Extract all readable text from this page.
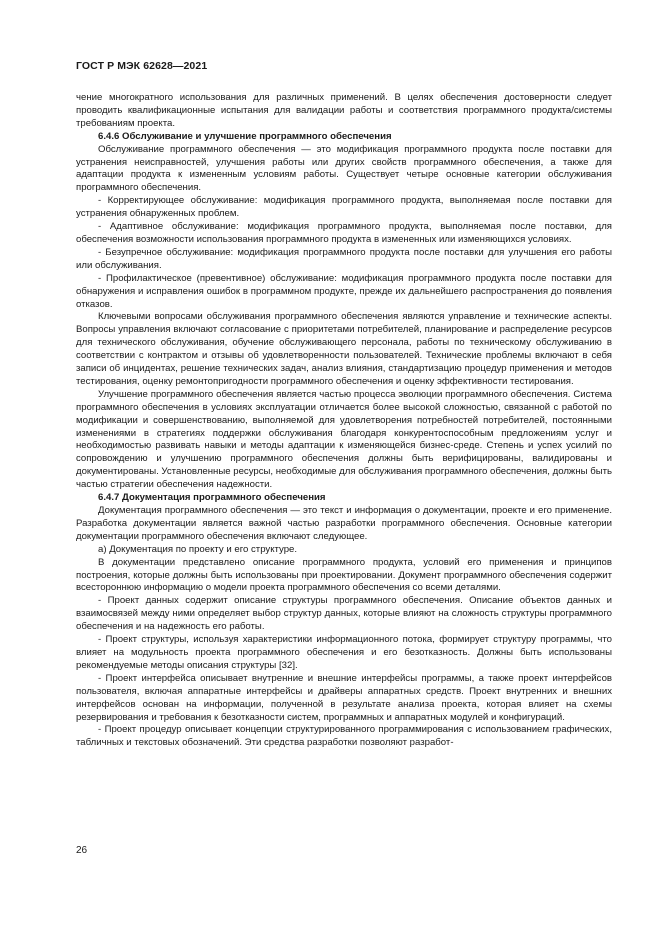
ГОСТ Р МЭК 62628—2021

чение многократного использования для различных применений. В целях обеспечения достоверности следует проводить квалификационные испытания для валидации работы и соответствия программного продукта/системы требованиям проекта.

6.4.6 Обслуживание и улучшение программного обеспечения

Обслуживание программного обеспечения — это модификация программного продукта после поставки для устранения неисправностей, улучшения работы или других свойств программного обеспечения, а также для адаптации продукта к измененным условиям работы. Существует четыре основные категории обслуживания программного обеспечения.

- Корректирующее обслуживание: модификация программного продукта, выполняемая после поставки для устранения обнаруженных проблем.

- Адаптивное обслуживание: модификация программного продукта, выполняемая после поставки, для обеспечения возможности использования программного продукта в измененных или изменяющихся условиях.

- Безупречное обслуживание: модификация программного продукта после поставки для улучшения его работы или обслуживания.

- Профилактическое (превентивное) обслуживание: модификация программного продукта после поставки для обнаружения и исправления ошибок в программном продукте, прежде их дальнейшего распространения до появления отказов.

Ключевыми вопросами обслуживания программного обеспечения являются управление и технические аспекты. Вопросы управления включают согласование с приоритетами потребителей, планирование и распределение ресурсов для технического обслуживания, обучение обслуживающего персонала, работы по техническому обслуживанию в соответствии с контрактом и отзывы об удовлетворенности пользователей. Технические проблемы включают в себя записи об инцидентах, решение технических задач, анализ влияния, стандартизацию процедур применения и методов тестирования, оценку ремонтопригодности программного обеспечения и оценку эффективности тестирования.

Улучшение программного обеспечения является частью процесса эволюции программного обеспечения. Система программного обеспечения в условиях эксплуатации отличается более высокой сложностью, связанной с работой по модификации и совершенствованию, выполняемой для удовлетворения потребностей потребителей, постоянными изменениями в стратегиях поддержки обслуживания благодаря конкурентоспособным предложениям услуг и необходимостью развивать навыки и методы адаптации к изменяющейся бизнес-среде. Степень и успех усилий по сопровождению и улучшению программного обеспечения должны быть верифицированы, валидированы и документированы. Установленные ресурсы, необходимые для обслуживания программного обеспечения, должны быть частью стратегии обеспечения надежности.

6.4.7 Документация программного обеспечения

Документация программного обеспечения — это текст и информация о документации, проекте и его применение. Разработка документации является важной частью разработки программного обеспечения. Основные категории документации программного обеспечения включают следующее.

а) Документация по проекту и его структуре.

В документации представлено описание программного продукта, условий его применения и принципов построения, которые должны быть использованы при проектировании. Документ программного обеспечения содержит всестороннюю информацию о модели проекта программного обеспечения со всеми деталями.

- Проект данных содержит описание структуры программного обеспечения. Описание объектов данных и взаимосвязей между ними определяет выбор структур данных, которые влияют на сложность структуры программного обеспечения и на надежность его работы.

- Проект структуры, используя характеристики информационного потока, формирует структуру программы, что влияет на модульность проекта программного обеспечения и его безотказность. Должны быть использованы рекомендуемые методы описания структуры [32].

- Проект интерфейса описывает внутренние и внешние интерфейсы программы, а также проект интерфейсов пользователя, включая аппаратные интерфейсы и драйверы аппаратных средств. Проект внутренних и внешних интерфейсов основан на информации, полученной в результате анализа проекта, которая влияет на схемы резервирования и требования к безотказности систем, программных и аппаратных модулей и конфигураций.

- Проект процедур описывает концепции структурированного программирования с использованием графических, табличных и текстовых обозначений. Эти средства разработки позволяют разработ-

26
